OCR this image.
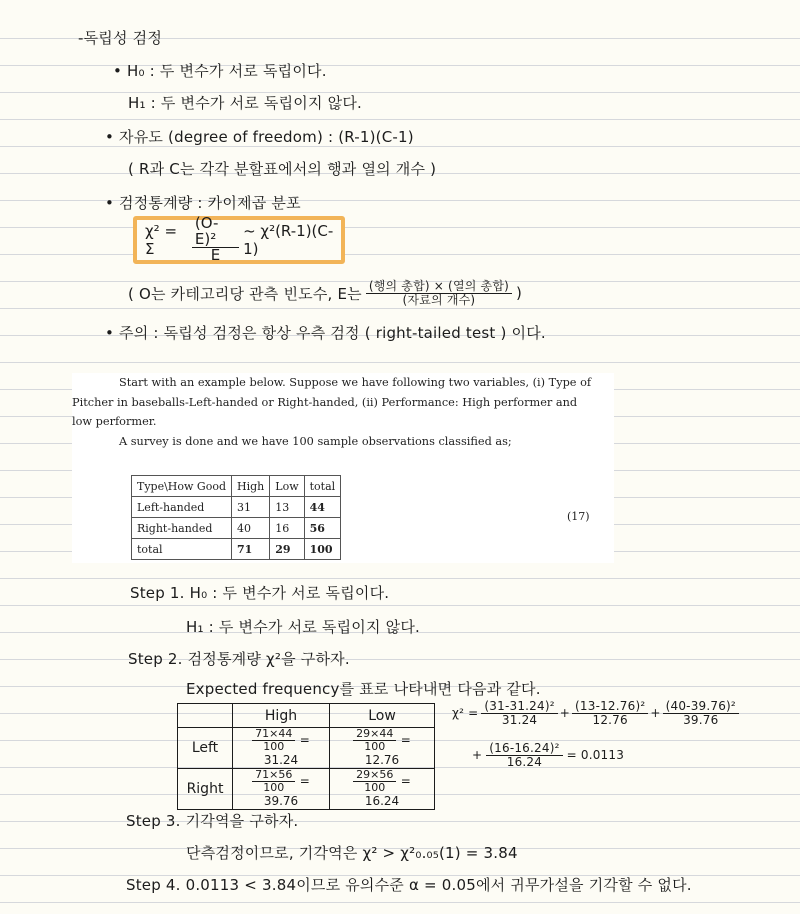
-독립성 검정
• H₀ : 두 변수가 서로 독립이다.
H₁ : 두 변수가 서로 독립이지 않다.
• 자유도 (degree of freedom) : (R-1)(C-1)
( R과 C는 각각 분할표에서의 행과 열의 개수 )
• 검정통계량 : 카이제곱 분포
χ² = Σ	$\frac{\text{(O-E)²}}{E}$ ~ χ²(R-1)(C-1)
( O는 카테고리당 관측 빈도수, E는 $\frac{\text{(행의 총합) × (열의 총합)}}{\text{(자료의 개수)}}$ )
• 주의 : 독립성 검정은 항상 우측 검정 ( right-tailed test ) 이다.

Start with an example below. Suppose we have following two variables, (i) Type of Pitcher in baseballs-Left-handed or Right-handed, (ii) Performance: High performer and low performer.

A survey is done and we have 100 sample observations classified as;

Type\How Good	High	Low	total
Left-handed	31	13	44
Right-handed	40	16	56
total	71	29	100
(17)
Step 1. H₀ : 두 변수가 서로 독립이다.
H₁ : 두 변수가 서로 독립이지 않다.
Step 2. 검정통계량 χ²을 구하자.
Expected frequency를 표로 나타내면 다음과 같다.
	High	Low
Left	$\frac{71\times 44}{100} = 31.24$	$\frac{29\times 44}{100} = 12.76$
Right	$\frac{71\times 56}{100} = 39.76$	$\frac{29\times 56}{100} = 16.24$
$\chi^2 = \frac{\text{(31-31.24)²}}{31.24} + \frac{\text{(13-12.76)²}}{12.76} + \frac{\text{(40-39.76)²}}{39.76}$
+ $\frac{\text{(16-16.24)²}}{16.24} = 0.0113$
Step 3. 기각역을 구하자.
단측검정이므로, 기각역은 χ² > χ²₀.₀₅(1) = 3.84
Step 4. 0.0113 < 3.84이므로 유의수준 α = 0.05에서 귀무가설을 기각할 수 없다.
